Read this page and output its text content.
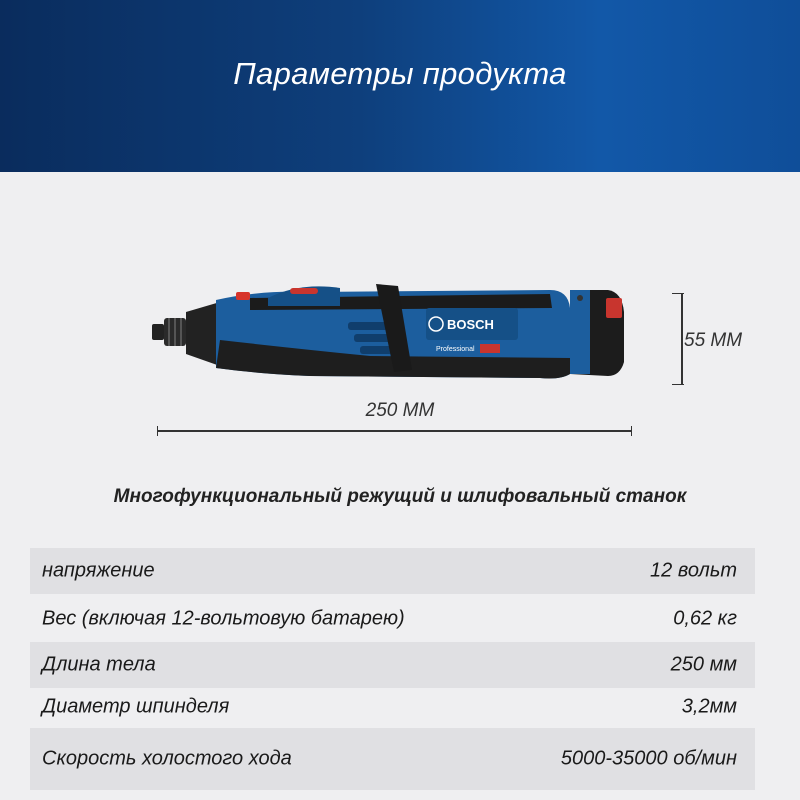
Параметры продукта
BOSCH
Professional	55 MM
250 MM
Многофункциональный режущий и шлифовальный станок
напряжение	12 вольт
Вес (включая 12-вольтовую батарею)	0,62 кг
Длина тела	250 мм
Диаметр шпинделя	3,2мм
Скорость холостого хода	5000-35000 об/мин
